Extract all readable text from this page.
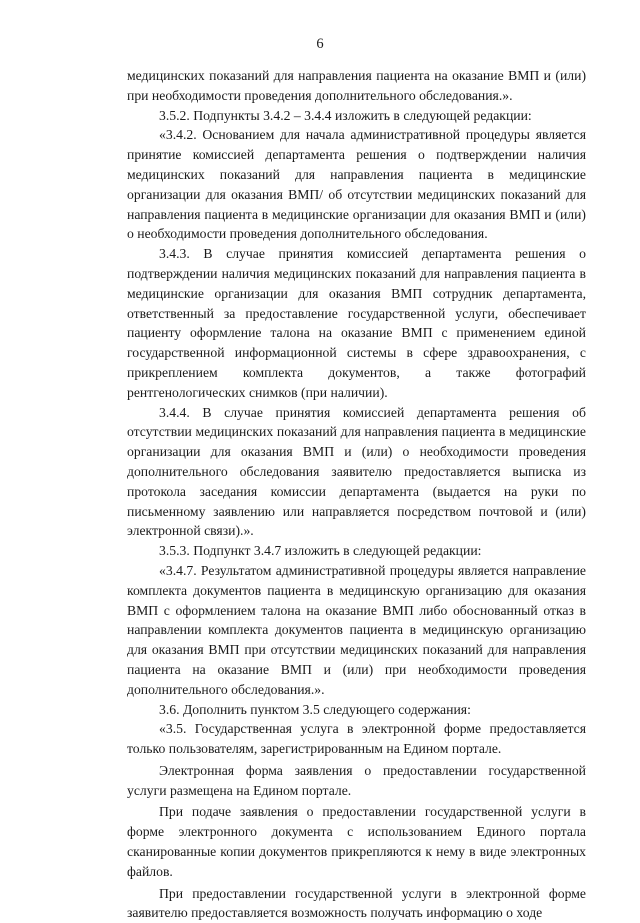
6

медицинских показаний для направления пациента на оказание ВМП и (или) при необходимости проведения дополнительного обследования.».

3.5.2. Подпункты 3.4.2 – 3.4.4 изложить в следующей редакции:

«3.4.2. Основанием для начала административной процедуры является принятие комиссией департамента решения о подтверждении наличия медицинских показаний для направления пациента в медицинские организации для оказания ВМП/ об отсутствии медицинских показаний для направления пациента в медицинские организации для оказания ВМП и (или) о необходимости проведения дополнительного обследования.

3.4.3. В случае принятия комиссией департамента решения о подтверждении наличия медицинских показаний для направления пациента в медицинские организации для оказания ВМП сотрудник департамента, ответственный за предоставление государственной услуги, обеспечивает пациенту оформление талона на оказание ВМП с применением единой государственной информационной системы в сфере здравоохранения, с прикреплением комплекта документов, а также фотографий рентгенологических снимков (при наличии).

3.4.4. В случае принятия комиссией департамента решения об отсутствии медицинских показаний для направления пациента в медицинские организации для оказания ВМП и (или) о необходимости проведения дополнительного обследования заявителю предоставляется выписка из протокола заседания комиссии департамента (выдается на руки по письменному заявлению или направляется посредством почтовой и (или) электронной связи).».

3.5.3. Подпункт 3.4.7 изложить в следующей редакции:

«3.4.7. Результатом административной процедуры является направление комплекта документов пациента в медицинскую организацию для оказания ВМП с оформлением талона на оказание ВМП либо обоснованный отказ в направлении комплекта документов пациента в медицинскую организацию для оказания ВМП при отсутствии медицинских показаний для направления пациента на оказание ВМП и (или) при необходимости проведения дополнительного обследования.».

3.6. Дополнить пунктом 3.5 следующего содержания:

«3.5. Государственная услуга в электронной форме предоставляется только пользователям, зарегистрированным на Едином портале.

Электронная форма заявления о предоставлении государственной услуги размещена на Едином портале.

При подаче заявления о предоставлении государственной услуги в форме электронного документа с использованием Единого портала сканированные копии документов прикрепляются к нему в виде электронных файлов.

При предоставлении государственной услуги в электронной форме заявителю предоставляется возможность получать информацию о ходе
